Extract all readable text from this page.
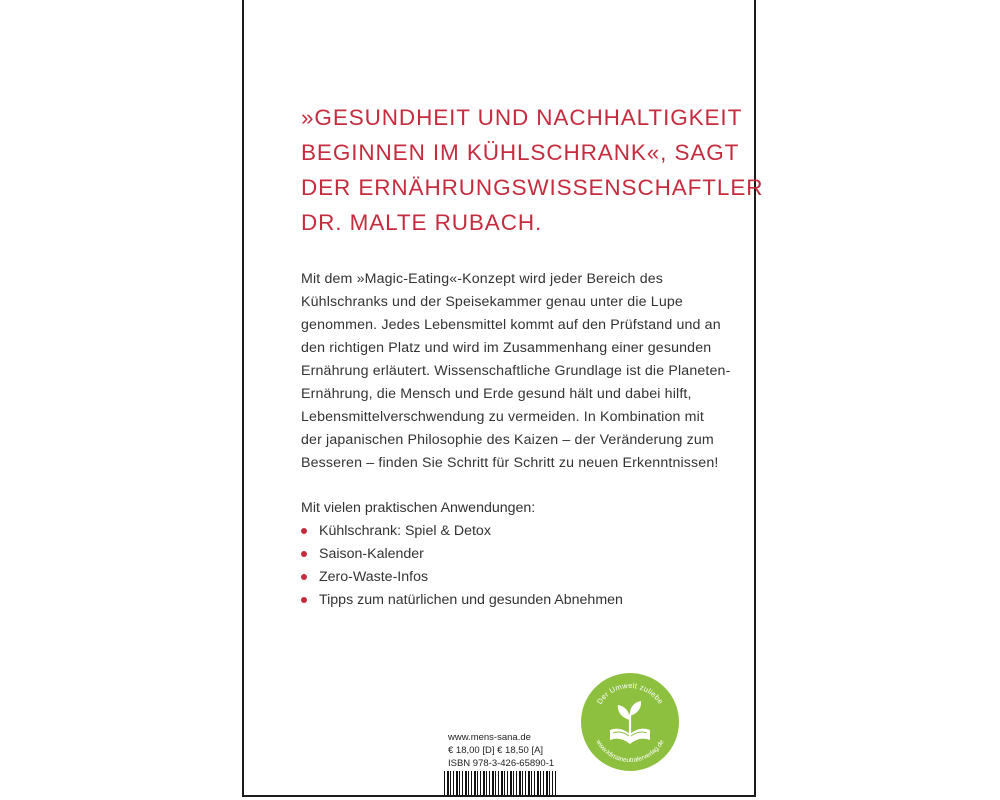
»GESUNDHEIT UND NACHHALTIGKEIT
BEGINNEN IM KÜHLSCHRANK«, SAGT
DER ERNÄHRUNGSWISSENSCHAFTLER
DR. MALTE RUBACH.

Mit dem »Magic-Eating«-Konzept wird jeder Bereich des
Kühlschranks und der Speisekammer genau unter die Lupe
genommen. Jedes Lebensmittel kommt auf den Prüfstand und an
den richtigen Platz und wird im Zusammenhang einer gesunden
Ernährung erläutert. Wissenschaftliche Grundlage ist die Planeten-
Ernährung, die Mensch und Erde gesund hält und dabei hilft,
Lebensmittelverschwendung zu vermeiden. In Kombination mit
der japanischen Philosophie des Kaizen – der Veränderung zum
Besseren – finden Sie Schritt für Schritt zu neuen Erkenntnissen!

Mit vielen praktischen Anwendungen:

Kühlschrank: Spiel & Detox
Saison-Kalender
Zero-Waste-Infos
Tipps zum natürlichen und gesunden Abnehmen
www.mens-sana.de
€ 18,00 [D] € 18,50 [A]
ISBN 978-3-426-65890-1
Der Umwelt zuliebe
www.klimaneutralerverlag.de
